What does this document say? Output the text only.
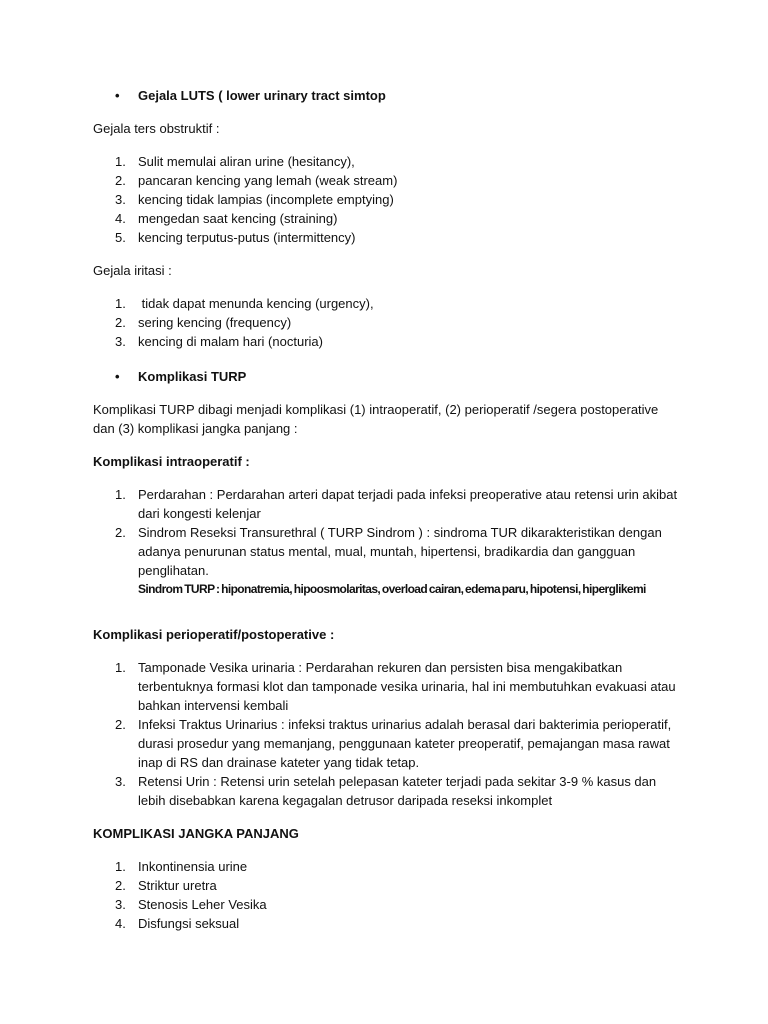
• Gejala LUTS ( lower urinary tract simtop

Gejala ters obstruktif :

1. Sulit memulai aliran urine (hesitancy),
2. pancaran kencing yang lemah (weak stream)
3. kencing tidak lampias (incomplete emptying)
4. mengedan saat kencing (straining)
5. kencing terputus-putus (intermittency)

Gejala iritasi :

1. tidak dapat menunda kencing (urgency),
2. sering kencing (frequency)
3. kencing di malam hari (nocturia)
• Komplikasi TURP

Komplikasi TURP dibagi menjadi komplikasi (1) intraoperatif, (2) perioperatif /segera postoperative dan (3) komplikasi jangka panjang :

Komplikasi intraoperatif :

1. Perdarahan : Perdarahan arteri dapat terjadi pada infeksi preoperative atau retensi urin akibat dari kongesti kelenjar
2. Sindrom Reseksi Transurethral ( TURP Sindrom ) : sindroma TUR dikarakteristikan dengan adanya penurunan status mental, mual, muntah, hipertensi, bradikardia dan gangguan penglihatan.

Sindrom TURP : hiponatremia, hipoosmolaritas, overload cairan, edema paru, hipotensi, hiperglikemi

Komplikasi perioperatif/postoperative :

1. Tamponade Vesika urinaria : Perdarahan rekuren dan persisten bisa mengakibatkan terbentuknya formasi klot dan tamponade vesika urinaria, hal ini membutuhkan evakuasi atau bahkan intervensi kembali
2. Infeksi Traktus Urinarius : infeksi traktus urinarius adalah berasal dari bakterimia perioperatif, durasi prosedur yang memanjang, penggunaan kateter preoperatif, pemajangan masa rawat inap di RS dan drainase kateter yang tidak tetap.
3. Retensi Urin : Retensi urin setelah pelepasan kateter terjadi pada sekitar 3-9 % kasus dan lebih disebabkan karena kegagalan detrusor daripada reseksi inkomplet

KOMPLIKASI JANGKA PANJANG

1. Inkontinensia urine
2. Striktur uretra
3. Stenosis Leher Vesika
4. Disfungsi seksual
